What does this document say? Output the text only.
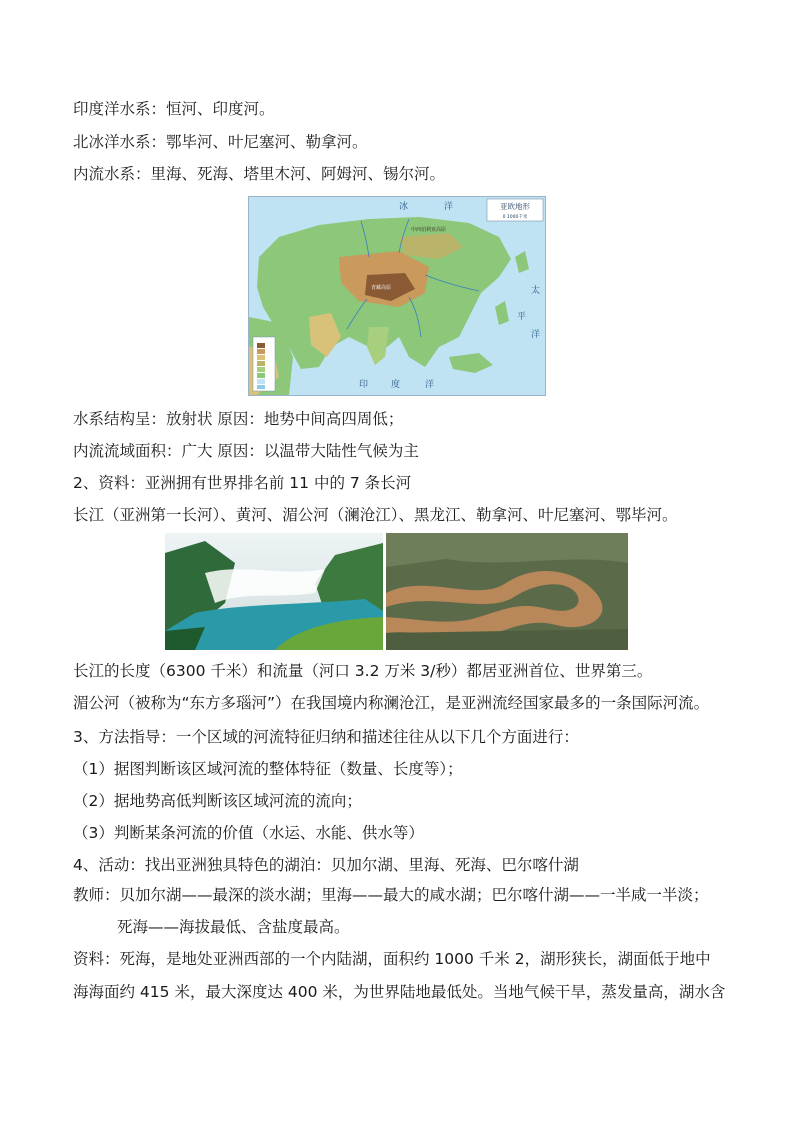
印度洋水系：恒河、印度河。
北冰洋水系：鄂毕河、叶尼塞河、勒拿河。
内流水系：里海、死海、塔里木河、阿姆河、锡尔河。
亚欧地形
0 1000千米
冰	洋
洋
太
平
印	度	洋
中西伯利亚高原
青藏高原
水系结构呈：放射状 原因：地势中间高四周低；
内流流域面积：广大 原因：以温带大陆性气候为主
2、资料：亚洲拥有世界排名前 11 中的 7 条长河
长江（亚洲第一长河）、黄河、湄公河（澜沧江）、黑龙江、勒拿河、叶尼塞河、鄂毕河。
长江的长度（6300 千米）和流量（河口 3.2 万米 3/秒）都居亚洲首位、世界第三。
湄公河（被称为“东方多瑙河”）在我国境内称澜沧江，是亚洲流经国家最多的一条国际河流。
3、方法指导：一个区域的河流特征归纳和描述往往从以下几个方面进行：
（1）据图判断该区域河流的整体特征（数量、长度等）；
（2）据地势高低判断该区域河流的流向；
（3）判断某条河流的价值（水运、水能、供水等）
4、活动：找出亚洲独具特色的湖泊：贝加尔湖、里海、死海、巴尔喀什湖
教师：贝加尔湖——最深的淡水湖；里海——最大的咸水湖；巴尔喀什湖——一半咸一半淡；
死海——海拔最低、含盐度最高。
资料：死海，是地处亚洲西部的一个内陆湖，面积约 1000 千米 2，湖形狭长，湖面低于地中
海海面约 415 米，最大深度达 400 米，为世界陆地最低处。当地气候干旱，蒸发量高，湖水含
